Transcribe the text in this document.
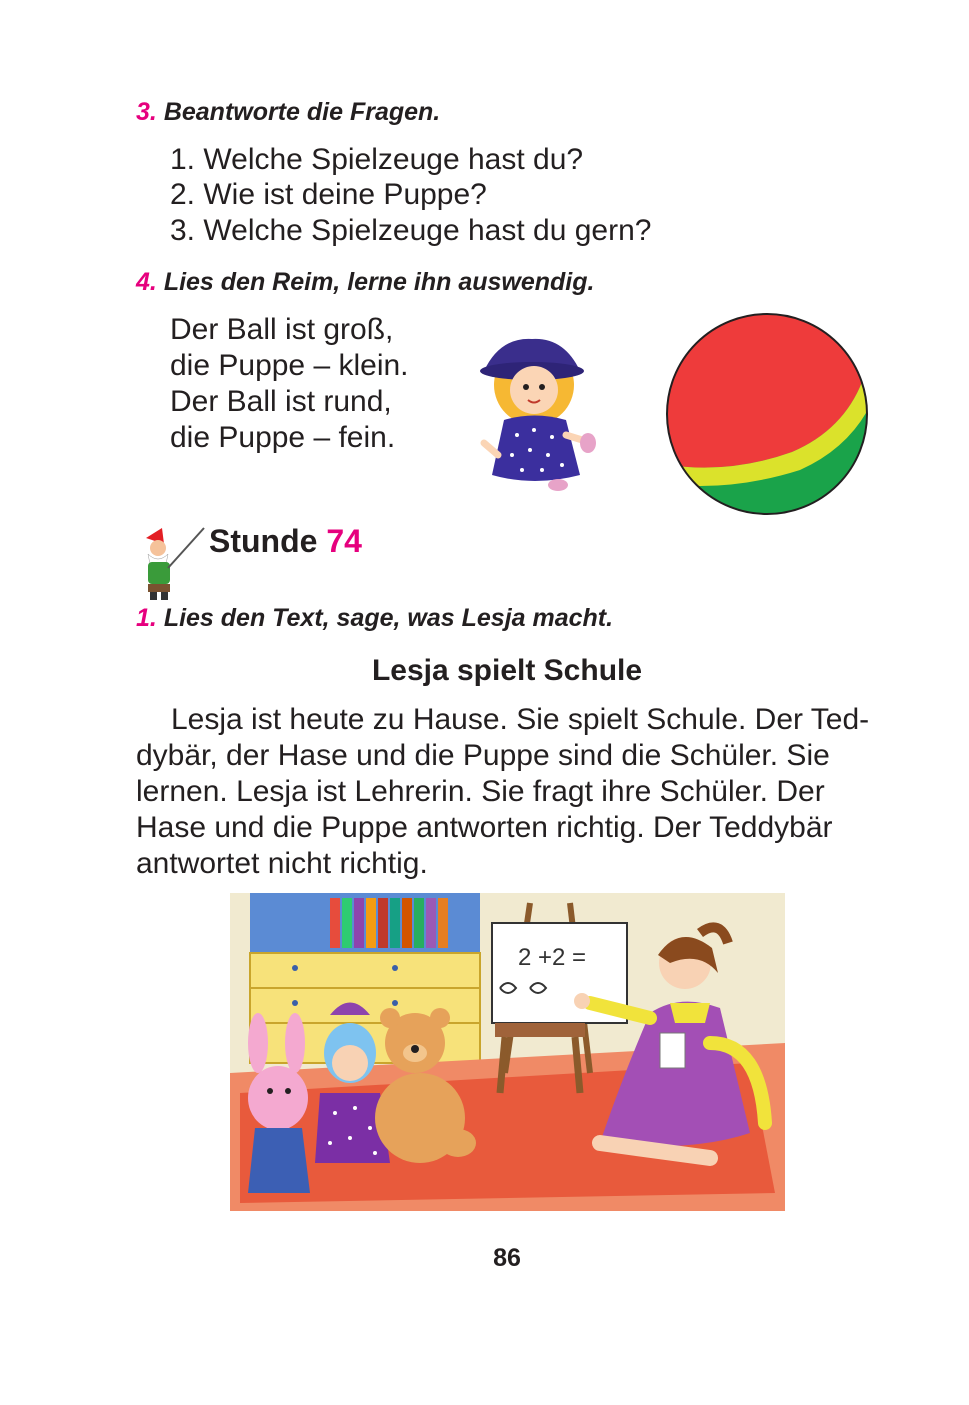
3. Beantworte die Fragen.
1. Welche Spielzeuge hast du?
2. Wie ist deine Puppe?
3. Welche Spielzeuge hast du gern?
4. Lies den Reim, lerne ihn auswendig.
Der Ball ist groß,
die Puppe – klein.
Der Ball ist rund,
die Puppe – fein.
Stunde 74
1. Lies den Text, sage, was Lesja macht.
Lesja spielt Schule
Lesja ist heute zu Hause. Sie spielt Schule. Der Ted-
dybär, der Hase und die Puppe sind die Schüler. Sie
lernen. Lesja ist Lehrerin. Sie fragt ihre Schüler. Der
Hase und die Puppe antworten richtig. Der Teddybär
antwortet nicht richtig.
2 +2 =
86
